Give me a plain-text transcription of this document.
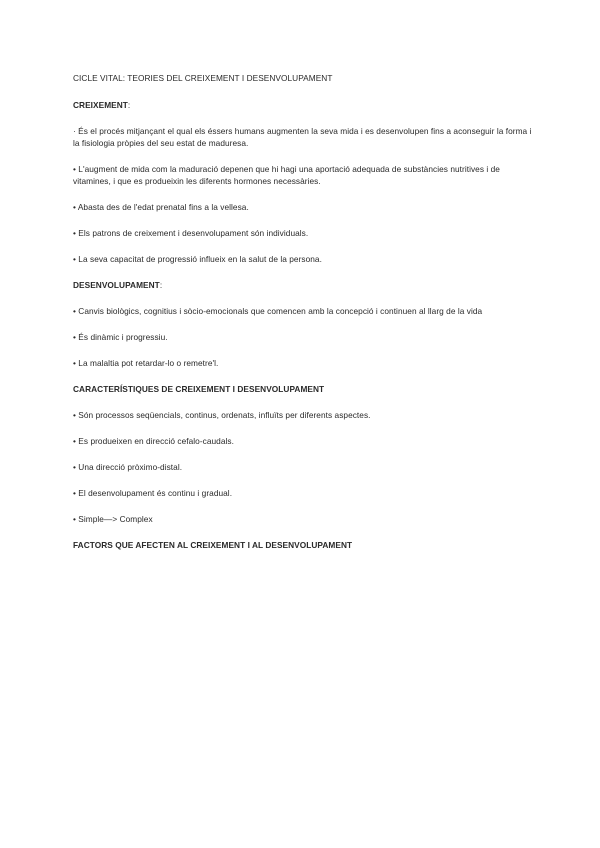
CICLE VITAL: TEORIES DEL CREIXEMENT I DESENVOLUPAMENT

CREIXEMENT:

· És el procés mitjançant el qual els éssers humans augmenten la seva mida i es desenvolupen fins a aconseguir la forma i la fisiologia pròpies del seu estat de maduresa.

• L'augment de mida com la maduració depenen que hi hagi una aportació adequada de substàncies nutritives i de vitamines, i que es produeixin les diferents hormones necessàries.

• Abasta des de l'edat prenatal fins a la vellesa.

• Els patrons de creixement i desenvolupament són individuals.

• La seva capacitat de progressió influeix en la salut de la persona.

DESENVOLUPAMENT:

• Canvis biològics, cognitius i sòcio-emocionals que comencen amb la concepció i continuen al llarg de la vida

• És dinàmic i progressiu.

• La malaltia pot retardar-lo o remetre'l.

CARACTERÍSTIQUES DE CREIXEMENT I DESENVOLUPAMENT

• Són processos seqüencials, continus, ordenats, influïts per diferents aspectes.

• Es produeixen en direcció cefalo-caudals.

• Una direcció pròximo-distal.

• El desenvolupament és continu i gradual.

• Simple—> Complex

FACTORS QUE AFECTEN AL CREIXEMENT I AL DESENVOLUPAMENT
